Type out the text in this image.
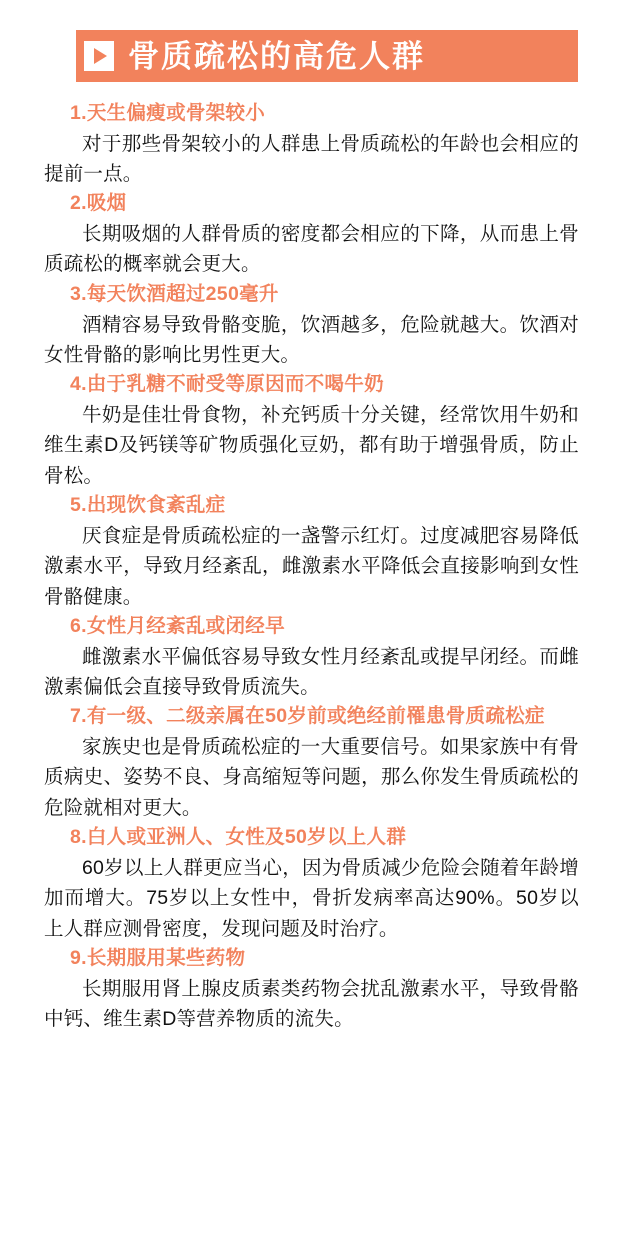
骨质疏松的高危人群
1.天生偏瘦或骨架较小
对于那些骨架较小的人群患上骨质疏松的年龄也会相应的提前一点。
2.吸烟
长期吸烟的人群骨质的密度都会相应的下降，从而患上骨质疏松的概率就会更大。
3.每天饮酒超过250毫升
酒精容易导致骨骼变脆，饮酒越多，危险就越大。饮酒对女性骨骼的影响比男性更大。
4.由于乳糖不耐受等原因而不喝牛奶
牛奶是佳壮骨食物，补充钙质十分关键，经常饮用牛奶和维生素D及钙镁等矿物质强化豆奶，都有助于增强骨质，防止骨松。
5.出现饮食紊乱症
厌食症是骨质疏松症的一盏警示红灯。过度减肥容易降低激素水平，导致月经紊乱，雌激素水平降低会直接影响到女性骨骼健康。
6.女性月经紊乱或闭经早
雌激素水平偏低容易导致女性月经紊乱或提早闭经。而雌激素偏低会直接导致骨质流失。
7.有一级、二级亲属在50岁前或绝经前罹患骨质疏松症
家族史也是骨质疏松症的一大重要信号。如果家族中有骨质病史、姿势不良、身高缩短等问题，那么你发生骨质疏松的危险就相对更大。
8.白人或亚洲人、女性及50岁以上人群
60岁以上人群更应当心，因为骨质减少危险会随着年龄增加而增大。75岁以上女性中，骨折发病率高达90%。50岁以上人群应测骨密度，发现问题及时治疗。
9.长期服用某些药物
长期服用肾上腺皮质素类药物会扰乱激素水平，导致骨骼中钙、维生素D等营养物质的流失。
